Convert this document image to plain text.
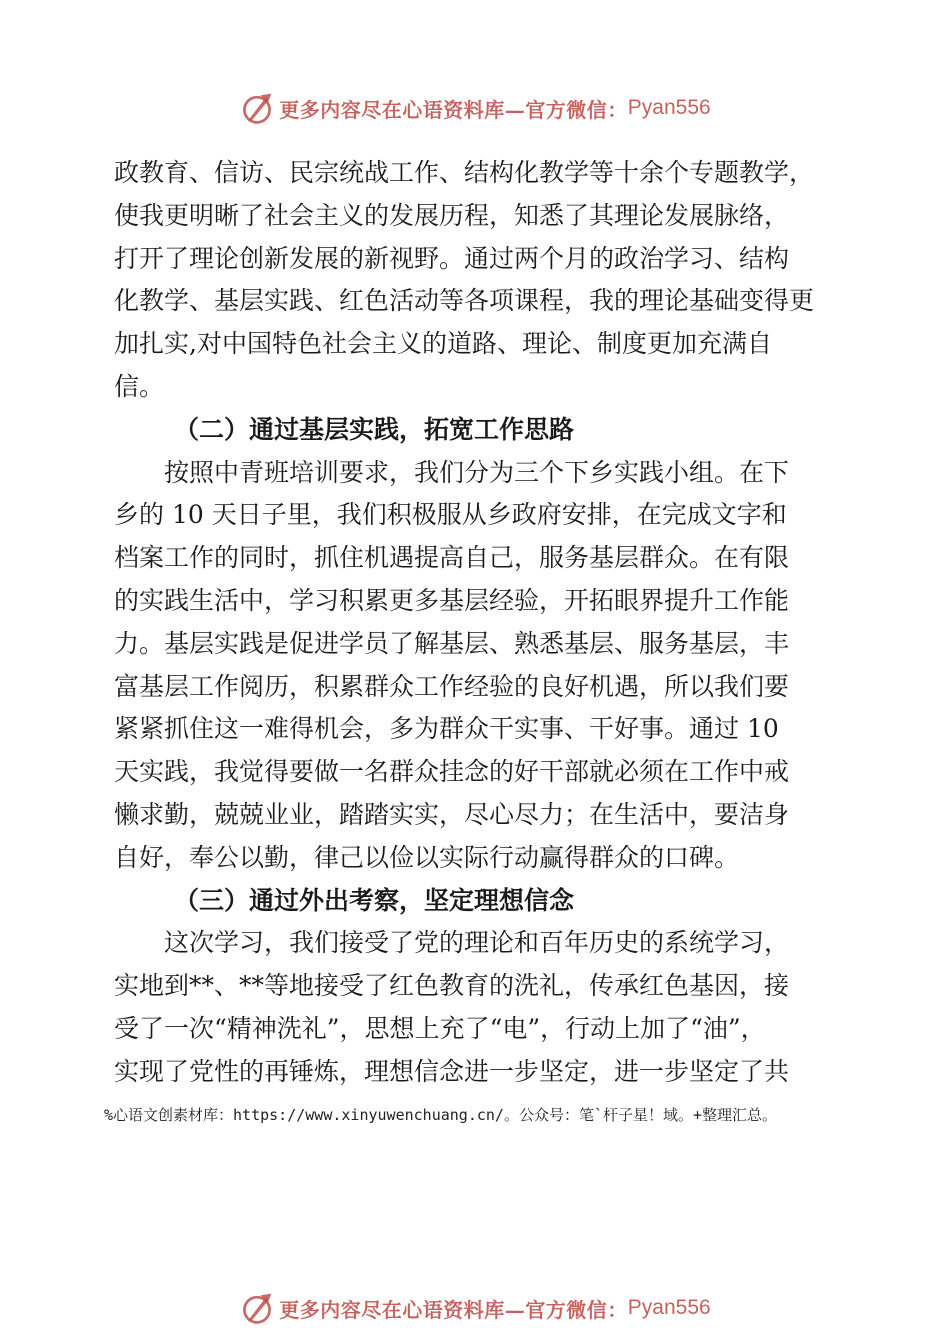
更多内容尽在心语资料库—官方微信： Pyan556
政教育、信访、民宗统战工作、结构化教学等十余个专题教学，
使我更明晰了社会主义的发展历程，知悉了其理论发展脉络，
打开了理论创新发展的新视野。通过两个月的政治学习、结构
化教学、基层实践、红色活动等各项课程，我的理论基础变得更
加扎实,对中国特色社会主义的道路、理论、制度更加充满自
信。
（二）通过基层实践，拓宽工作思路
　　按照中青班培训要求，我们分为三个下乡实践小组。在下
乡的 10 天日子里，我们积极服从乡政府安排，在完成文字和
档案工作的同时，抓住机遇提高自己，服务基层群众。在有限
的实践生活中，学习积累更多基层经验，开拓眼界提升工作能
力。基层实践是促进学员了解基层、熟悉基层、服务基层，丰
富基层工作阅历，积累群众工作经验的良好机遇，所以我们要
紧紧抓住这一难得机会，多为群众干实事、干好事。通过 10
天实践，我觉得要做一名群众挂念的好干部就必须在工作中戒
懒求勤，兢兢业业，踏踏实实，尽心尽力；在生活中，要洁身
自好，奉公以勤，律己以俭以实际行动赢得群众的口碑。
（三）通过外出考察，坚定理想信念
　　这次学习，我们接受了党的理论和百年历史的系统学习，
实地到**、**等地接受了红色教育的洗礼，传承红色基因，接
受了一次“精神洗礼”，思想上充了“电”，行动上加了“油”，
实现了党性的再锤炼，理想信念进一步坚定，进一步坚定了共
%心语文创素材库：https://www.xinyuwenchuang.cn/。公众号：笔`杆子星！域。+整理汇总。
更多内容尽在心语资料库—官方微信： Pyan556
